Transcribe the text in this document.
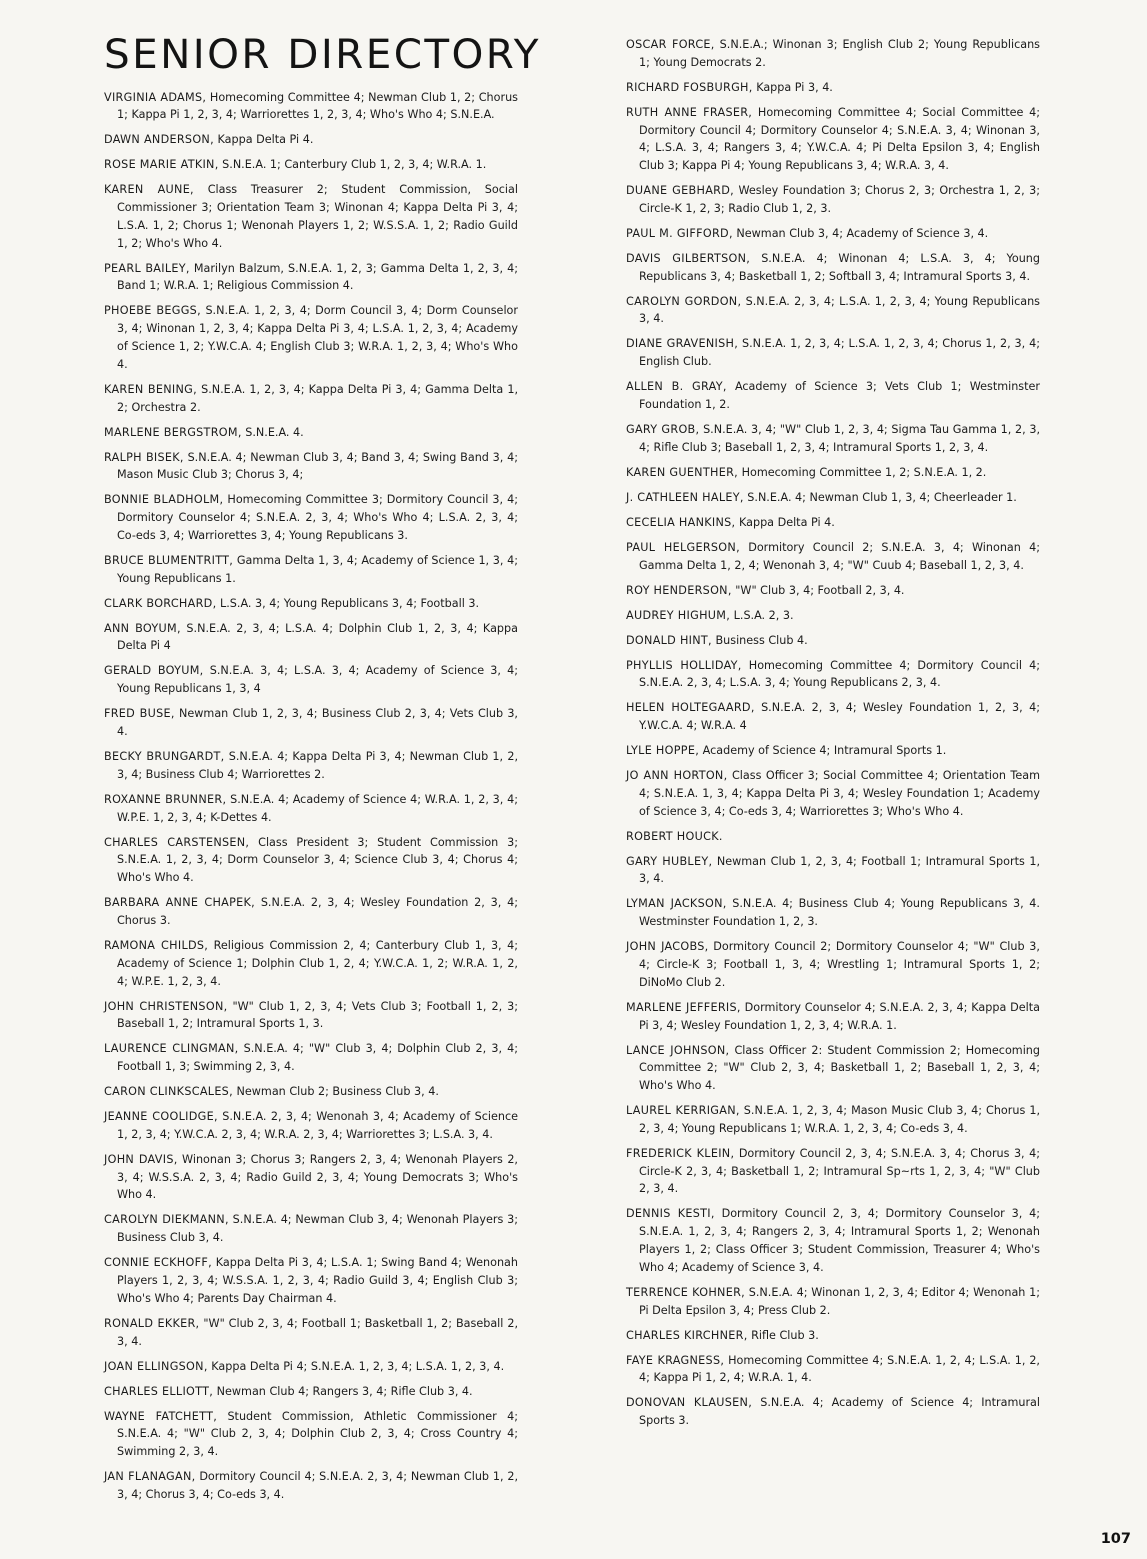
SENIOR DIRECTORY

VIRGINIA ADAMS, Homecoming Committee 4; Newman Club 1, 2; Chorus 1; Kappa Pi 1, 2, 3, 4; Warriorettes 1, 2, 3, 4; Who's Who 4; S.N.E.A.

DAWN ANDERSON, Kappa Delta Pi 4.

ROSE MARIE ATKIN, S.N.E.A. 1; Canterbury Club 1, 2, 3, 4; W.R.A. 1.

KAREN AUNE, Class Treasurer 2; Student Commission, Social Commissioner 3; Orientation Team 3; Winonan 4; Kappa Delta Pi 3, 4; L.S.A. 1, 2; Chorus 1; Wenonah Players 1, 2; W.S.S.A. 1, 2; Radio Guild 1, 2; Who's Who 4.

PEARL BAILEY, Marilyn Balzum, S.N.E.A. 1, 2, 3; Gamma Delta 1, 2, 3, 4; Band 1; W.R.A. 1; Religious Commission 4.

PHOEBE BEGGS, S.N.E.A. 1, 2, 3, 4; Dorm Council 3, 4; Dorm Counselor 3, 4; Winonan 1, 2, 3, 4; Kappa Delta Pi 3, 4; L.S.A. 1, 2, 3, 4; Academy of Science 1, 2; Y.W.C.A. 4; English Club 3; W.R.A. 1, 2, 3, 4; Who's Who 4.

KAREN BENING, S.N.E.A. 1, 2, 3, 4; Kappa Delta Pi 3, 4; Gamma Delta 1, 2; Orchestra 2.

MARLENE BERGSTROM, S.N.E.A. 4.

RALPH BISEK, S.N.E.A. 4; Newman Club 3, 4; Band 3, 4; Swing Band 3, 4; Mason Music Club 3; Chorus 3, 4;

BONNIE BLADHOLM, Homecoming Committee 3; Dormitory Council 3, 4; Dormitory Counselor 4; S.N.E.A. 2, 3, 4; Who's Who 4; L.S.A. 2, 3, 4; Co-eds 3, 4; Warriorettes 3, 4; Young Republicans 3.

BRUCE BLUMENTRITT, Gamma Delta 1, 3, 4; Academy of Science 1, 3, 4; Young Republicans 1.

CLARK BORCHARD, L.S.A. 3, 4; Young Republicans 3, 4; Football 3.

ANN BOYUM, S.N.E.A. 2, 3, 4; L.S.A. 4; Dolphin Club 1, 2, 3, 4; Kappa Delta Pi 4

GERALD BOYUM, S.N.E.A. 3, 4; L.S.A. 3, 4; Academy of Science 3, 4; Young Republicans 1, 3, 4

FRED BUSE, Newman Club 1, 2, 3, 4; Business Club 2, 3, 4; Vets Club 3, 4.

BECKY BRUNGARDT, S.N.E.A. 4; Kappa Delta Pi 3, 4; Newman Club 1, 2, 3, 4; Business Club 4; Warriorettes 2.

ROXANNE BRUNNER, S.N.E.A. 4; Academy of Science 4; W.R.A. 1, 2, 3, 4; W.P.E. 1, 2, 3, 4; K-Dettes 4.

CHARLES CARSTENSEN, Class President 3; Student Commission 3; S.N.E.A. 1, 2, 3, 4; Dorm Counselor 3, 4; Science Club 3, 4; Chorus 4; Who's Who 4.

BARBARA ANNE CHAPEK, S.N.E.A. 2, 3, 4; Wesley Foundation 2, 3, 4; Chorus 3.

RAMONA CHILDS, Religious Commission 2, 4; Canterbury Club 1, 3, 4; Academy of Science 1; Dolphin Club 1, 2, 4; Y.W.C.A. 1, 2; W.R.A. 1, 2, 4; W.P.E. 1, 2, 3, 4.

JOHN CHRISTENSON, "W" Club 1, 2, 3, 4; Vets Club 3; Football 1, 2, 3; Baseball 1, 2; Intramural Sports 1, 3.

LAURENCE CLINGMAN, S.N.E.A. 4; "W" Club 3, 4; Dolphin Club 2, 3, 4; Football 1, 3; Swimming 2, 3, 4.

CARON CLINKSCALES, Newman Club 2; Business Club 3, 4.

JEANNE COOLIDGE, S.N.E.A. 2, 3, 4; Wenonah 3, 4; Academy of Science 1, 2, 3, 4; Y.W.C.A. 2, 3, 4; W.R.A. 2, 3, 4; Warriorettes 3; L.S.A. 3, 4.

JOHN DAVIS, Winonan 3; Chorus 3; Rangers 2, 3, 4; Wenonah Players 2, 3, 4; W.S.S.A. 2, 3, 4; Radio Guild 2, 3, 4; Young Democrats 3; Who's Who 4.

CAROLYN DIEKMANN, S.N.E.A. 4; Newman Club 3, 4; Wenonah Players 3; Business Club 3, 4.

CONNIE ECKHOFF, Kappa Delta Pi 3, 4; L.S.A. 1; Swing Band 4; Wenonah Players 1, 2, 3, 4; W.S.S.A. 1, 2, 3, 4; Radio Guild 3, 4; English Club 3; Who's Who 4; Parents Day Chairman 4.

RONALD EKKER, "W" Club 2, 3, 4; Football 1; Basketball 1, 2; Baseball 2, 3, 4.

JOAN ELLINGSON, Kappa Delta Pi 4; S.N.E.A. 1, 2, 3, 4; L.S.A. 1, 2, 3, 4.

CHARLES ELLIOTT, Newman Club 4; Rangers 3, 4; Rifle Club 3, 4.

WAYNE FATCHETT, Student Commission, Athletic Commissioner 4; S.N.E.A. 4; "W" Club 2, 3, 4; Dolphin Club 2, 3, 4; Cross Country 4; Swimming 2, 3, 4.

JAN FLANAGAN, Dormitory Council 4; S.N.E.A. 2, 3, 4; Newman Club 1, 2, 3, 4; Chorus 3, 4; Co-eds 3, 4.

OSCAR FORCE, S.N.E.A.; Winonan 3; English Club 2; Young Republicans 1; Young Democrats 2.

RICHARD FOSBURGH, Kappa Pi 3, 4.

RUTH ANNE FRASER, Homecoming Committee 4; Social Committee 4; Dormitory Council 4; Dormitory Counselor 4; S.N.E.A. 3, 4; Winonan 3, 4; L.S.A. 3, 4; Rangers 3, 4; Y.W.C.A. 4; Pi Delta Epsilon 3, 4; English Club 3; Kappa Pi 4; Young Republicans 3, 4; W.R.A. 3, 4.

DUANE GEBHARD, Wesley Foundation 3; Chorus 2, 3; Orchestra 1, 2, 3; Circle-K 1, 2, 3; Radio Club 1, 2, 3.

PAUL M. GIFFORD, Newman Club 3, 4; Academy of Science 3, 4.

DAVIS GILBERTSON, S.N.E.A. 4; Winonan 4; L.S.A. 3, 4; Young Republicans 3, 4; Basketball 1, 2; Softball 3, 4; Intramural Sports 3, 4.

CAROLYN GORDON, S.N.E.A. 2, 3, 4; L.S.A. 1, 2, 3, 4; Young Republicans 3, 4.

DIANE GRAVENISH, S.N.E.A. 1, 2, 3, 4; L.S.A. 1, 2, 3, 4; Chorus 1, 2, 3, 4; English Club.

ALLEN B. GRAY, Academy of Science 3; Vets Club 1; Westminster Foundation 1, 2.

GARY GROB, S.N.E.A. 3, 4; "W" Club 1, 2, 3, 4; Sigma Tau Gamma 1, 2, 3, 4; Rifle Club 3; Baseball 1, 2, 3, 4; Intramural Sports 1, 2, 3, 4.

KAREN GUENTHER, Homecoming Committee 1, 2; S.N.E.A. 1, 2.

J. CATHLEEN HALEY, S.N.E.A. 4; Newman Club 1, 3, 4; Cheerleader 1.

CECELIA HANKINS, Kappa Delta Pi 4.

PAUL HELGERSON, Dormitory Council 2; S.N.E.A. 3, 4; Winonan 4; Gamma Delta 1, 2, 4; Wenonah 3, 4; "W" Cuub 4; Baseball 1, 2, 3, 4.

ROY HENDERSON, "W" Club 3, 4; Football 2, 3, 4.

AUDREY HIGHUM, L.S.A. 2, 3.

DONALD HINT, Business Club 4.

PHYLLIS HOLLIDAY, Homecoming Committee 4; Dormitory Council 4; S.N.E.A. 2, 3, 4; L.S.A. 3, 4; Young Republicans 2, 3, 4.

HELEN HOLTEGAARD, S.N.E.A. 2, 3, 4; Wesley Foundation 1, 2, 3, 4; Y.W.C.A. 4; W.R.A. 4

LYLE HOPPE, Academy of Science 4; Intramural Sports 1.

JO ANN HORTON, Class Officer 3; Social Committee 4; Orientation Team 4; S.N.E.A. 1, 3, 4; Kappa Delta Pi 3, 4; Wesley Foundation 1; Academy of Science 3, 4; Co-eds 3, 4; Warriorettes 3; Who's Who 4.

ROBERT HOUCK.

GARY HUBLEY, Newman Club 1, 2, 3, 4; Football 1; Intramural Sports 1, 3, 4.

LYMAN JACKSON, S.N.E.A. 4; Business Club 4; Young Republicans 3, 4. Westminster Foundation 1, 2, 3.

JOHN JACOBS, Dormitory Council 2; Dormitory Counselor 4; "W" Club 3, 4; Circle-K 3; Football 1, 3, 4; Wrestling 1; Intramural Sports 1, 2; DiNoMo Club 2.

MARLENE JEFFERIS, Dormitory Counselor 4; S.N.E.A. 2, 3, 4; Kappa Delta Pi 3, 4; Wesley Foundation 1, 2, 3, 4; W.R.A. 1.

LANCE JOHNSON, Class Officer 2: Student Commission 2; Homecoming Committee 2; "W" Club 2, 3, 4; Basketball 1, 2; Baseball 1, 2, 3, 4; Who's Who 4.

LAUREL KERRIGAN, S.N.E.A. 1, 2, 3, 4; Mason Music Club 3, 4; Chorus 1, 2, 3, 4; Young Republicans 1; W.R.A. 1, 2, 3, 4; Co-eds 3, 4.

FREDERICK KLEIN, Dormitory Council 2, 3, 4; S.N.E.A. 3, 4; Chorus 3, 4; Circle-K 2, 3, 4; Basketball 1, 2; Intramural Sp~rts 1, 2, 3, 4; "W" Club 2, 3, 4.

DENNIS KESTI, Dormitory Council 2, 3, 4; Dormitory Counselor 3, 4; S.N.E.A. 1, 2, 3, 4; Rangers 2, 3, 4; Intramural Sports 1, 2; Wenonah Players 1, 2; Class Officer 3; Student Commission, Treasurer 4; Who's Who 4; Academy of Science 3, 4.

TERRENCE KOHNER, S.N.E.A. 4; Winonan 1, 2, 3, 4; Editor 4; Wenonah 1; Pi Delta Epsilon 3, 4; Press Club 2.

CHARLES KIRCHNER, Rifle Club 3.

FAYE KRAGNESS, Homecoming Committee 4; S.N.E.A. 1, 2, 4; L.S.A. 1, 2, 4; Kappa Pi 1, 2, 4; W.R.A. 1, 4.

DONOVAN KLAUSEN, S.N.E.A. 4; Academy of Science 4; Intramural Sports 3.

107
